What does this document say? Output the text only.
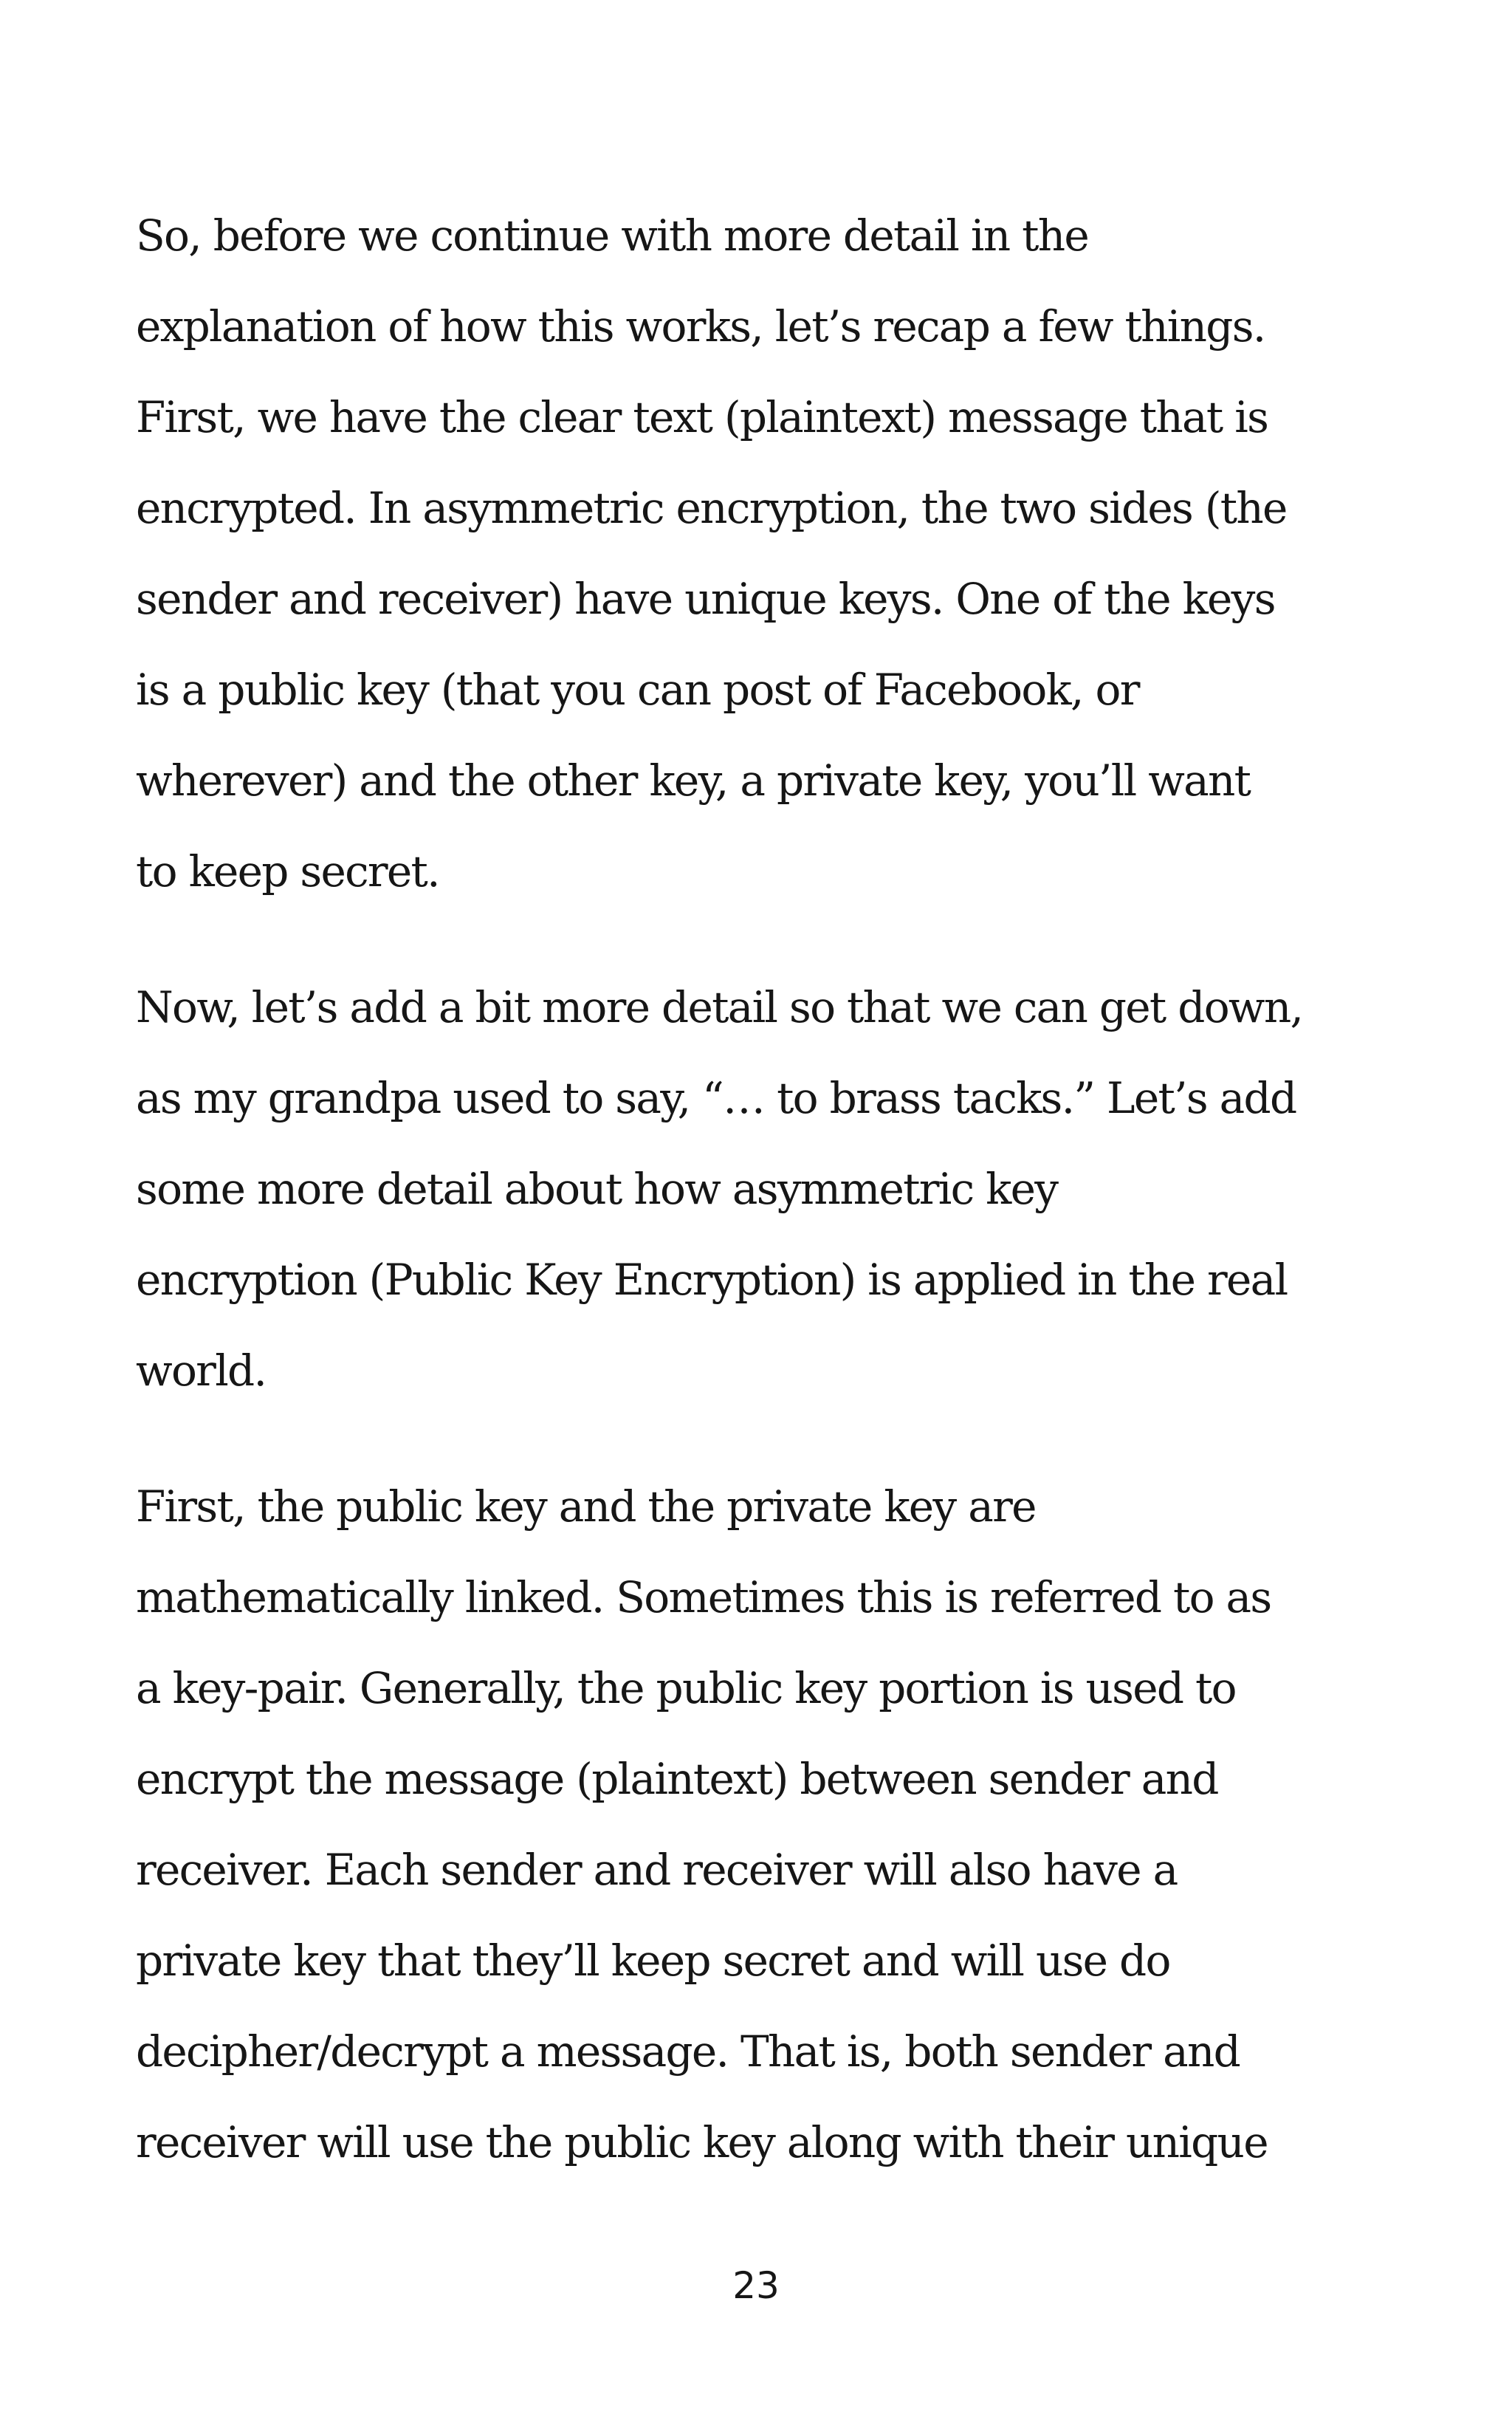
So, before we continue with more detail in the
explanation of how this works, let’s recap a few things.
First, we have the clear text (plaintext) message that is
encrypted. In asymmetric encryption, the two sides (the
sender and receiver) have unique keys. One of the keys
is a public key (that you can post of Facebook, or
wherever) and the other key, a private key, you’ll want
to keep secret.

Now, let’s add a bit more detail so that we can get down,
as my grandpa used to say, “… to brass tacks.” Let’s add
some more detail about how asymmetric key
encryption (Public Key Encryption) is applied in the real
world.

First, the public key and the private key are
mathematically linked. Sometimes this is referred to as
a key-pair. Generally, the public key portion is used to
encrypt the message (plaintext) between sender and
receiver. Each sender and receiver will also have a
private key that they’ll keep secret and will use do
decipher/decrypt a message. That is, both sender and
receiver will use the public key along with their unique

23
